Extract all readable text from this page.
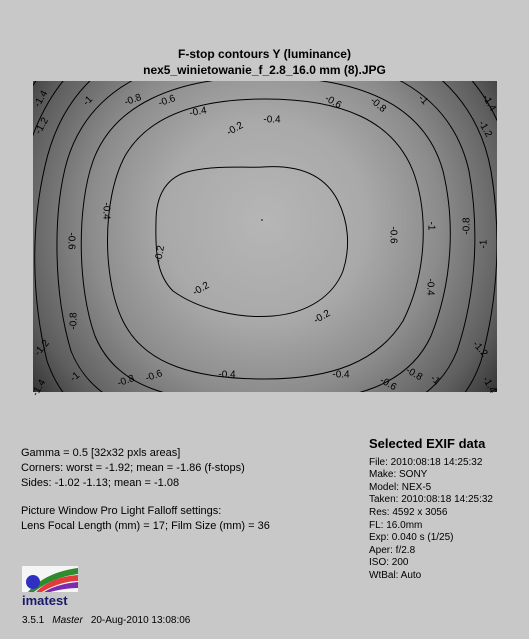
F-stop contours Y (luminance)
nex5_winietowanie_f_2.8_16.0 mm (8).JPG
-1.4
-1.2
-1	-0.8 -0.6
-0.4
-0.2 -0.4
-0.6 -0.8	-1
-1.2
-1.4
-0.2
-0.4
-0.6
-0.8
-1
-0.6
-0.4
-0.8
-1
-0.2
-0.4
-0.6
-0.8
-1
-1.2
-1.4
-0.2
-0.4	-0.6
-0.8 -1
-1.2
-1.4
Gamma = 0.5 [32x32 pxls areas]
Corners: worst = -1.92; mean = -1.86 (f-stops)
Sides: -1.02 -1.13; mean = -1.08
Picture Window Pro Light Falloff settings:
Lens Focal Length (mm) = 17; Film Size (mm) = 36
Selected EXIF data
File: 2010:08:18 14:25:32
Make: SONY
Model: NEX-5
Taken: 2010:08:18 14:25:32
Res: 4592 x 3056
FL: 16.0mm
Exp: 0.040 s (1/25)
Aper: f/2.8
ISO: 200
WtBal: Auto
imatest
3.5.1 Master 20-Aug-2010 13:08:06
